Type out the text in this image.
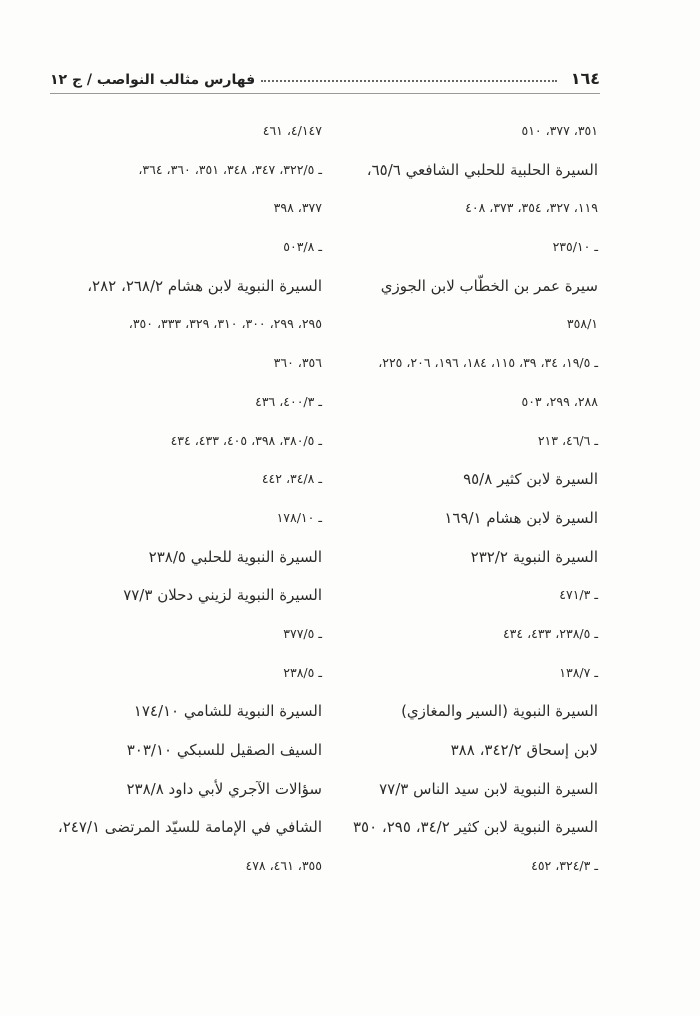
١٦٤
فهارس مثالب النواصب / ج ١٢
٣٥١، ٣٧٧، ٥١٠
السيرة الحلبية للحلبي الشافعي ٦٥/٦،
١١٩، ٣٢٧، ٣٥٤، ٣٧٣، ٤٠٨
ـ ٢٣٥/١٠
سيرة عمر بن الخطّاب لابن الجوزي
٣٥٨/١
ـ ١٩/٥، ٣٤، ٣٩، ١١٥، ١٨٤، ١٩٦، ٢٠٦، ٢٢٥،
٢٨٨، ٢٩٩، ٥٠٣
ـ ٤٦/٦، ٢١٣
السيرة لابن كثير ٩٥/٨
السيرة لابن هشام ١٦٩/١
السيرة النبوية ٢٣٢/٢
ـ ٤٧١/٣
ـ ٢٣٨/٥، ٤٣٣، ٤٣٤
ـ ١٣٨/٧
السيرة النبوية (السير والمغازي)
لابن إسحاق ٣٤٢/٢، ٣٨٨
السيرة النبوية لابن سيد الناس ٧٧/٣
السيرة النبوية لابن كثير ٣٤/٢، ٢٩٥، ٣٥٠
ـ ٣٢٤/٣، ٤٥٢
٤/١٤٧، ٤٦١
ـ ٣٢٢/٥، ٣٤٧، ٣٤٨، ٣٥١، ٣٦٠، ٣٦٤،
٣٧٧، ٣٩٨
ـ ٥٠٣/٨
السيرة النبوية لابن هشام ٢٦٨/٢، ٢٨٢،
٢٩٥، ٢٩٩، ٣٠٠، ٣١٠، ٣٢٩، ٣٣٣، ٣٥٠،
٣٥٦، ٣٦٠
ـ ٤٠٠/٣، ٤٣٦
ـ ٣٨٠/٥، ٣٩٨، ٤٠٥، ٤٣٣، ٤٣٤
ـ ٣٤/٨، ٤٤٢
ـ ١٧٨/١٠
السيرة النبوية للحلبي ٢٣٨/٥
السيرة النبوية لزيني دحلان ٧٧/٣
ـ ٣٧٧/٥
ـ ٢٣٨/٥
السيرة النبوية للشامي ١٧٤/١٠
السيف الصقيل للسبكي ٣٠٣/١٠
سؤالات الآجري لأبي داود ٢٣٨/٨
الشافي في الإمامة للسيّد المرتضى ٢٤٧/١،
٣٥٥، ٤٦١، ٤٧٨
